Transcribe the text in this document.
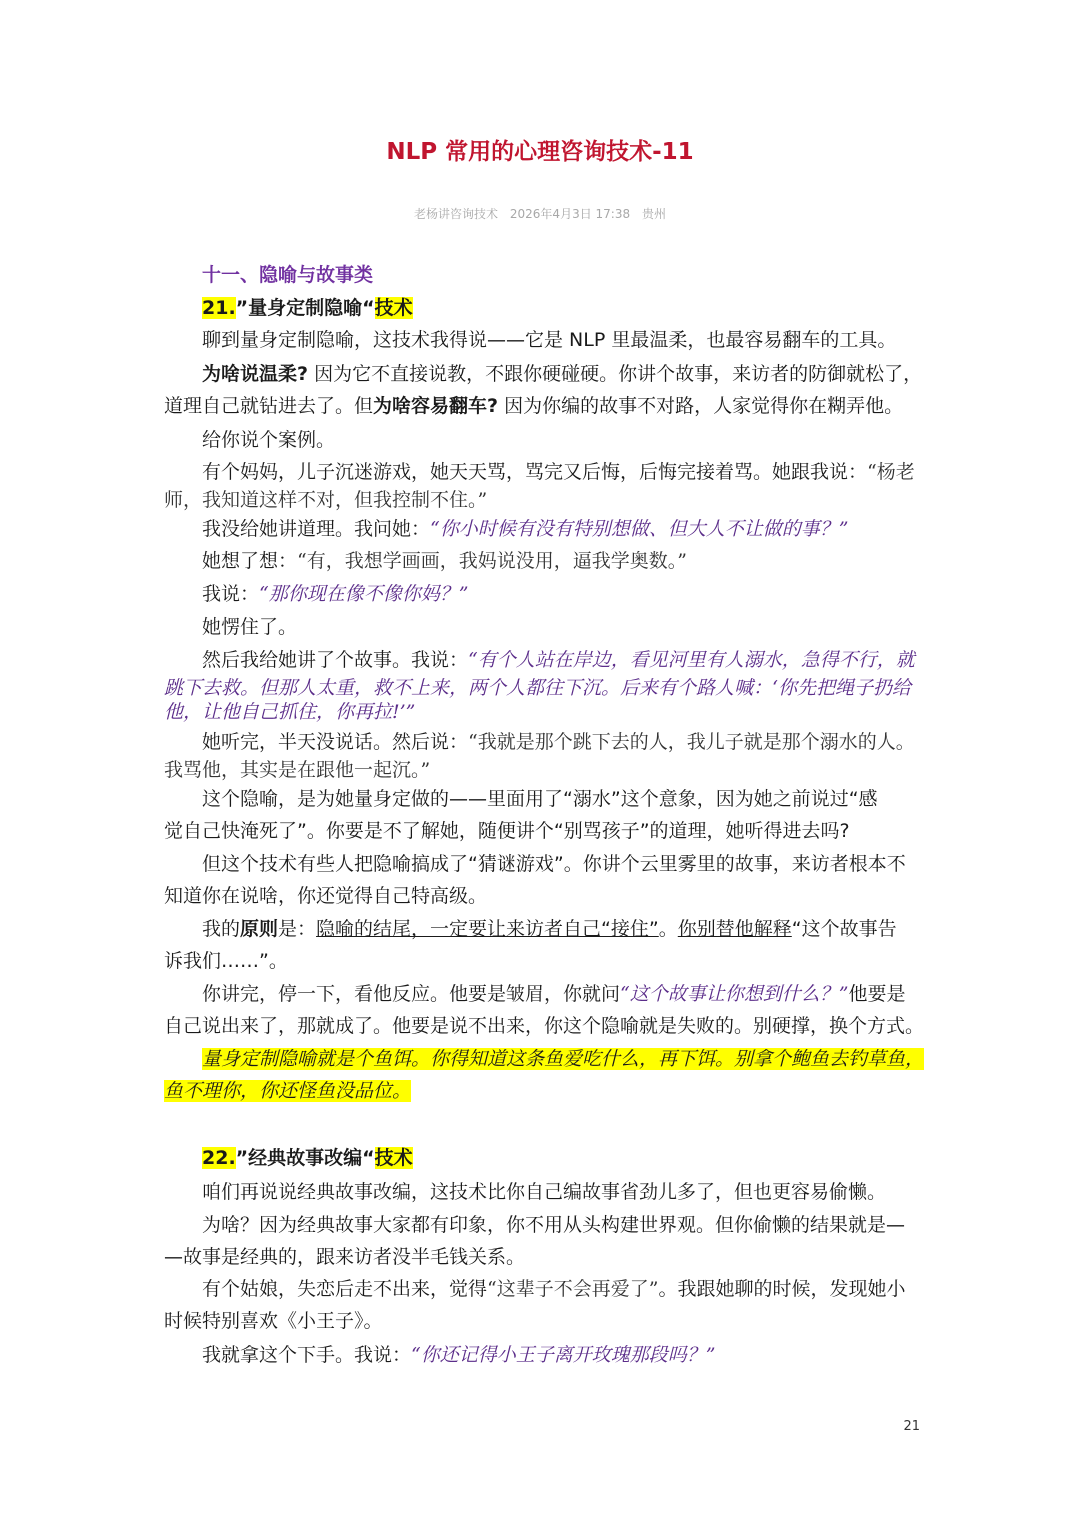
NLP 常用的心理咨询技术-11
老杨讲咨询技术 2026年4月3日 17:38 贵州
十一、隐喻与故事类
21.”量身定制隐喻“技术
聊到量身定制隐喻，这技术我得说——它是 NLP 里最温柔，也最容易翻车的工具。
为啥说温柔? 因为它不直接说教，不跟你硬碰硬。你讲个故事，来访者的防御就松了，
道理自己就钻进去了。但为啥容易翻车? 因为你编的故事不对路，人家觉得你在糊弄他。
给你说个案例。
有个妈妈，儿子沉迷游戏，她天天骂，骂完又后悔，后悔完接着骂。她跟我说：“杨老
师，我知道这样不对，但我控制不住。”
我没给她讲道理。我问她：“你小时候有没有特别想做、但大人不让做的事？”
她想了想：“有，我想学画画，我妈说没用，逼我学奥数。”
我说：“那你现在像不像你妈？”
她愣住了。
然后我给她讲了个故事。我说：“有个人站在岸边，看见河里有人溺水，急得不行，就
跳下去救。但那人太重，救不上来，两个人都往下沉。后来有个路人喊：‘你先把绳子扔给
他，让他自己抓住，你再拉!’”
她听完，半天没说话。然后说：“我就是那个跳下去的人，我儿子就是那个溺水的人。
我骂他，其实是在跟他一起沉。”
这个隐喻，是为她量身定做的——里面用了“溺水”这个意象，因为她之前说过“感
觉自己快淹死了”。你要是不了解她，随便讲个“别骂孩子”的道理，她听得进去吗?
但这个技术有些人把隐喻搞成了“猜谜游戏”。你讲个云里雾里的故事，来访者根本不
知道你在说啥，你还觉得自己特高级。
我的原则是：隐喻的结尾，一定要让来访者自己“接住”。你别替他解释“这个故事告
诉我们……”。
你讲完，停一下，看他反应。他要是皱眉，你就问“这个故事让你想到什么？”他要是
自己说出来了，那就成了。他要是说不出来，你这个隐喻就是失败的。别硬撑，换个方式。
量身定制隐喻就是个鱼饵。你得知道这条鱼爱吃什么，再下饵。别拿个鲍鱼去钓草鱼，
鱼不理你，你还怪鱼没品位。
22.”经典故事改编“技术
咱们再说说经典故事改编，这技术比你自己编故事省劲儿多了，但也更容易偷懒。
为啥？因为经典故事大家都有印象，你不用从头构建世界观。但你偷懒的结果就是—
—故事是经典的，跟来访者没半毛钱关系。
有个姑娘，失恋后走不出来，觉得“这辈子不会再爱了”。我跟她聊的时候，发现她小
时候特别喜欢《小王子》。
我就拿这个下手。我说：“你还记得小王子离开玫瑰那段吗？”
21
